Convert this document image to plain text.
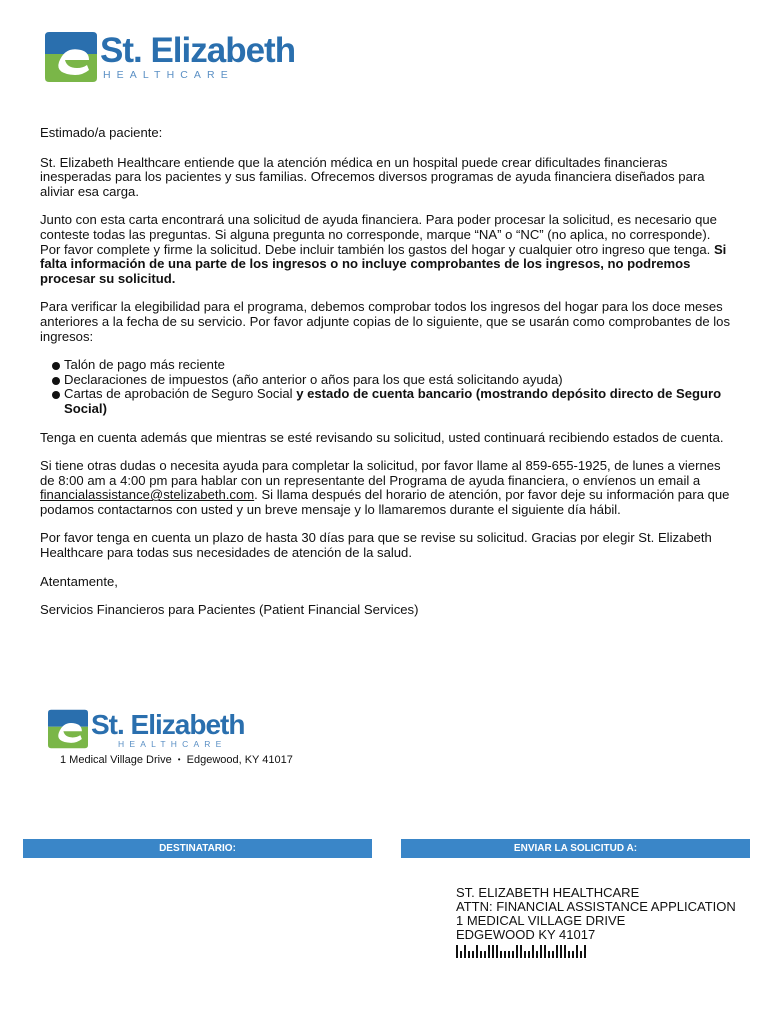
St. Elizabeth
HEALTHCARE

Estimado/a paciente:

St. Elizabeth Healthcare entiende que la atención médica en un hospital puede crear dificultades financieras inesperadas para los pacientes y sus familias. Ofrecemos diversos programas de ayuda financiera diseñados para aliviar esa carga.

Junto con esta carta encontrará una solicitud de ayuda financiera. Para poder procesar la solicitud, es necesario que conteste todas las preguntas. Si alguna pregunta no corresponde, marque “NA” o “NC” (no aplica, no corresponde). Por favor complete y firme la solicitud. Debe incluir también los gastos del hogar y cualquier otro ingreso que tenga. Si falta información de una parte de los ingresos o no incluye comprobantes de los ingresos, no podremos procesar su solicitud.

Para verificar la elegibilidad para el programa, debemos comprobar todos los ingresos del hogar para los doce meses anteriores a la fecha de su servicio. Por favor adjunte copias de lo siguiente, que se usarán como comprobantes de los ingresos:

Talón de pago más reciente
Declaraciones de impuestos (año anterior o años para los que está solicitando ayuda)
Cartas de aprobación de Seguro Social y estado de cuenta bancario (mostrando depósito directo de Seguro Social)

Tenga en cuenta además que mientras se esté revisando su solicitud, usted continuará recibiendo estados de cuenta.

Si tiene otras dudas o necesita ayuda para completar la solicitud, por favor llame al 859-655-1925, de lunes a viernes de 8:00 am a 4:00 pm para hablar con un representante del Programa de ayuda financiera, o envíenos un email a financialassistance@stelizabeth.com. Si llama después del horario de atención, por favor deje su información para que podamos contactarnos con usted y un breve mensaje y lo llamaremos durante el siguiente día hábil.

Por favor tenga en cuenta un plazo de hasta 30 días para que se revise su solicitud. Gracias por elegir St. Elizabeth Healthcare para todas sus necesidades de atención de la salud.

Atentamente,

Servicios Financieros para Pacientes (Patient Financial Services)

St. Elizabeth
HEALTHCARE
1 Medical Village Drive • Edgewood, KY 41017
DESTINATARIO:	ENVIAR LA SOLICITUD A:
ST. ELIZABETH HEALTHCARE
ATTN: FINANCIAL ASSISTANCE APPLICATION
1 MEDICAL VILLAGE DRIVE
EDGEWOOD KY 41017
